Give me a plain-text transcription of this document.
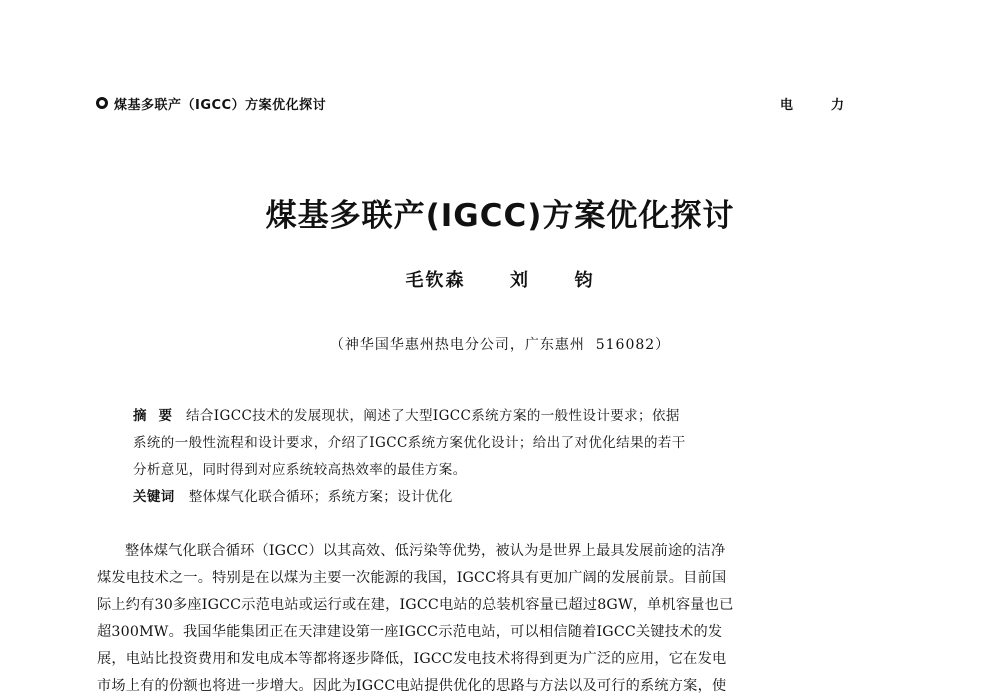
煤基多联产（IGCC）方案优化探讨	电力
煤基多联产(IGCC)方案优化探讨
毛钦森  刘  钧
（神华国华惠州热电分公司，广东惠州  516082）
摘要 结合IGCC技术的发展现状，阐述了大型IGCC系统方案的一般性设计要求；依据
系统的一般性流程和设计要求，介绍了IGCC系统方案优化设计；给出了对优化结果的若干
分析意见，同时得到对应系统较高热效率的最佳方案。
关键词 整体煤气化联合循环；系统方案；设计优化
整体煤气化联合循环（IGCC）以其高效、低污染等优势，被认为是世界上最具发展前途的洁净
煤发电技术之一。特别是在以煤为主要一次能源的我国，IGCC将具有更加广阔的发展前景。目前国
际上约有30多座IGCC示范电站或运行或在建，IGCC电站的总装机容量已超过8GW，单机容量也已
超300MW。我国华能集团正在天津建设第一座IGCC示范电站，可以相信随着IGCC关键技术的发
展，电站比投资费用和发电成本等都将逐步降低，IGCC发电技术将得到更为广泛的应用，它在发电
市场上有的份额也将进一步增大。因此为IGCC电站提供优化的思路与方法以及可行的系统方案，使
